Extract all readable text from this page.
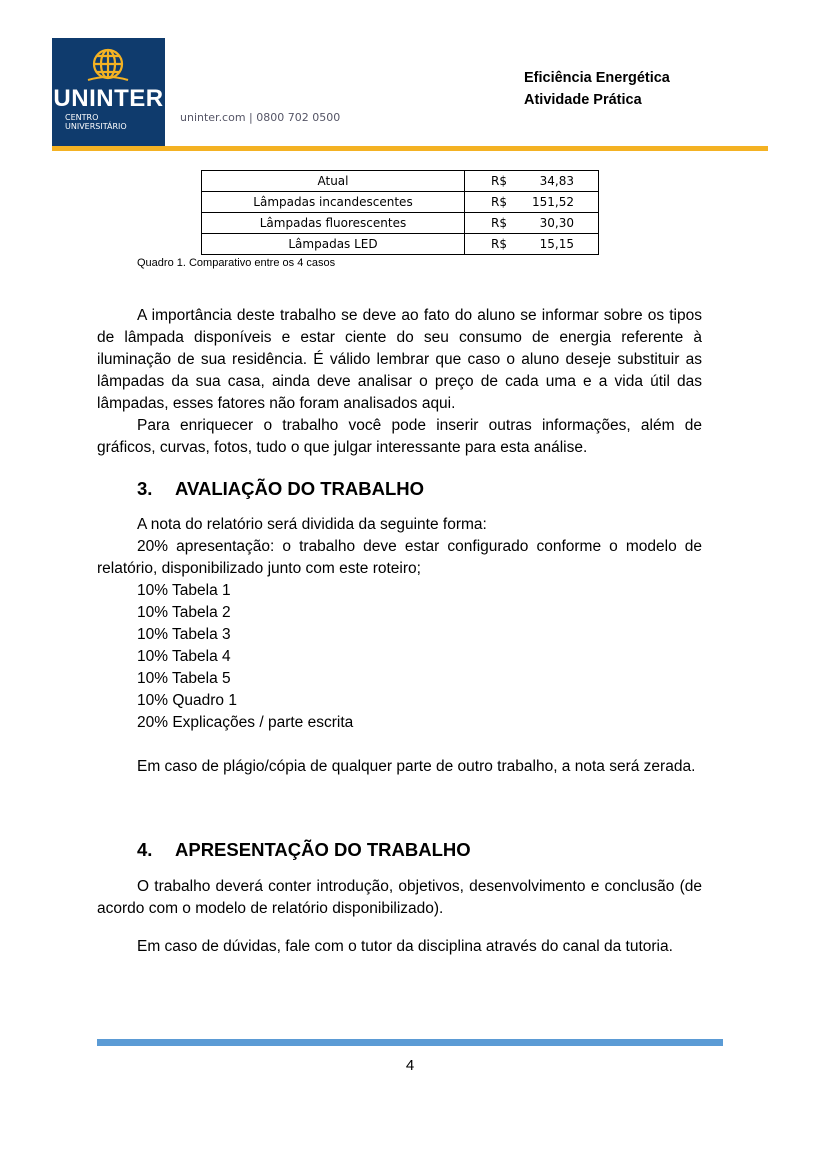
UNINTER
CENTRO
UNIVERSITÁRIO
uninter.com | 0800 702 0500
Eficiência Energética
Atividade Prática
Atual	R$ 34,83

Lâmpadas incandescentes	R$ 151,52

Lâmpadas fluorescentes	R$ 30,30

Lâmpadas LED	R$ 15,15
Quadro 1. Comparativo entre os 4 casos

A importância deste trabalho se deve ao fato do aluno se informar sobre os tipos de lâmpada disponíveis e estar ciente do seu consumo de energia referente à iluminação de sua residência. É válido lembrar que caso o aluno deseje substituir as lâmpadas da sua casa, ainda deve analisar o preço de cada uma e a vida útil das lâmpadas, esses fatores não foram analisados aqui.

Para enriquecer o trabalho você pode inserir outras informações, além de gráficos, curvas, fotos, tudo o que julgar interessante para esta análise.

3. AVALIAÇÃO DO TRABALHO

A nota do relatório será dividida da seguinte forma:

20% apresentação: o trabalho deve estar configurado conforme o modelo de relatório, disponibilizado junto com este roteiro;

10% Tabela 1
10% Tabela 2
10% Tabela 3
10% Tabela 4
10% Tabela 5
10% Quadro 1
20% Explicações / parte escrita

Em caso de plágio/cópia de qualquer parte de outro trabalho, a nota será zerada.

4. APRESENTAÇÃO DO TRABALHO

O trabalho deverá conter introdução, objetivos, desenvolvimento e conclusão (de acordo com o modelo de relatório disponibilizado).

Em caso de dúvidas, fale com o tutor da disciplina através do canal da tutoria.

4
